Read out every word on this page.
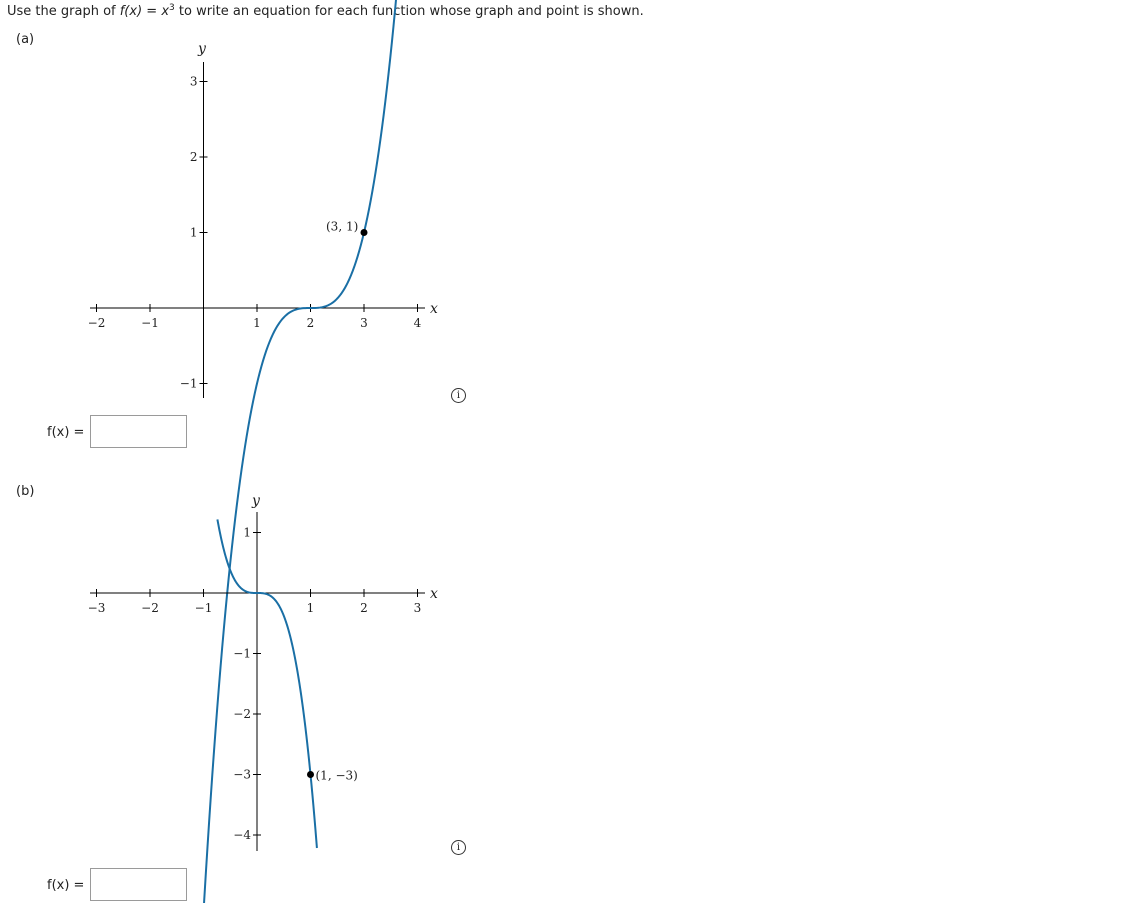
Use the graph of $f(x) = x^3$ to write an equation for each function whose graph and point is shown.
(a)
−2	−1	1	2	3	4
−1
1
2
3
x
y
(3, 1)
i
f(x) =
(b)
−3	−2	−1	1	2	3
−4
−3
−2
−1
1
x
y
(1, −3)
i
f(x) =
